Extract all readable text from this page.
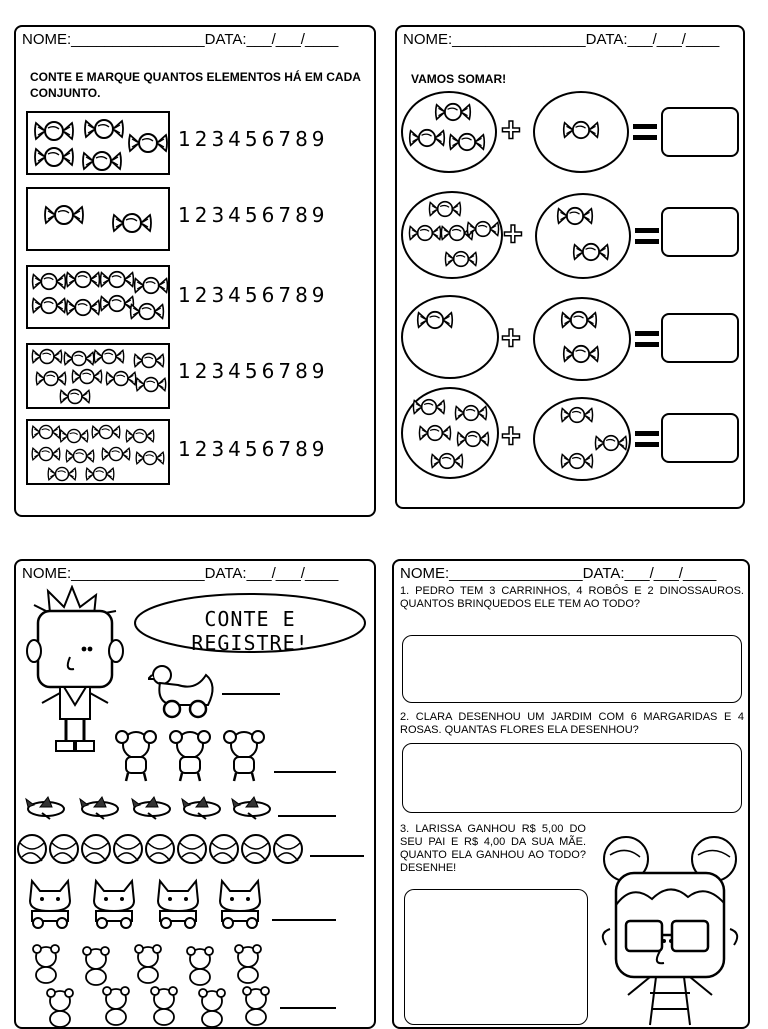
NOME:________________DATA:___/___/____
CONTE E MARQUE QUANTOS ELEMENTOS HÁ EM CADA CONJUNTO.
123456789
123456789
123456789
123456789
123456789
NOME:________________DATA:___/___/____
VAMOS SOMAR!
+
+
+
+
NOME:________________DATA:___/___/____
CONTE E REGISTRE!
NOME:________________DATA:___/___/____
1. PEDRO TEM 3 CARRINHOS, 4 ROBÔS E 2 DINOSSAUROS. QUANTOS BRINQUEDOS ELE TEM AO TODO?
2. CLARA DESENHOU UM JARDIM COM 6 MARGARIDAS E 4 ROSAS. QUANTAS FLORES ELA DESENHOU?
3. LARISSA GANHOU R$ 5,00 DO SEU PAI E R$ 4,00 DA SUA MÃE. QUANTO ELA GANHOU AO TODO? DESENHE!
